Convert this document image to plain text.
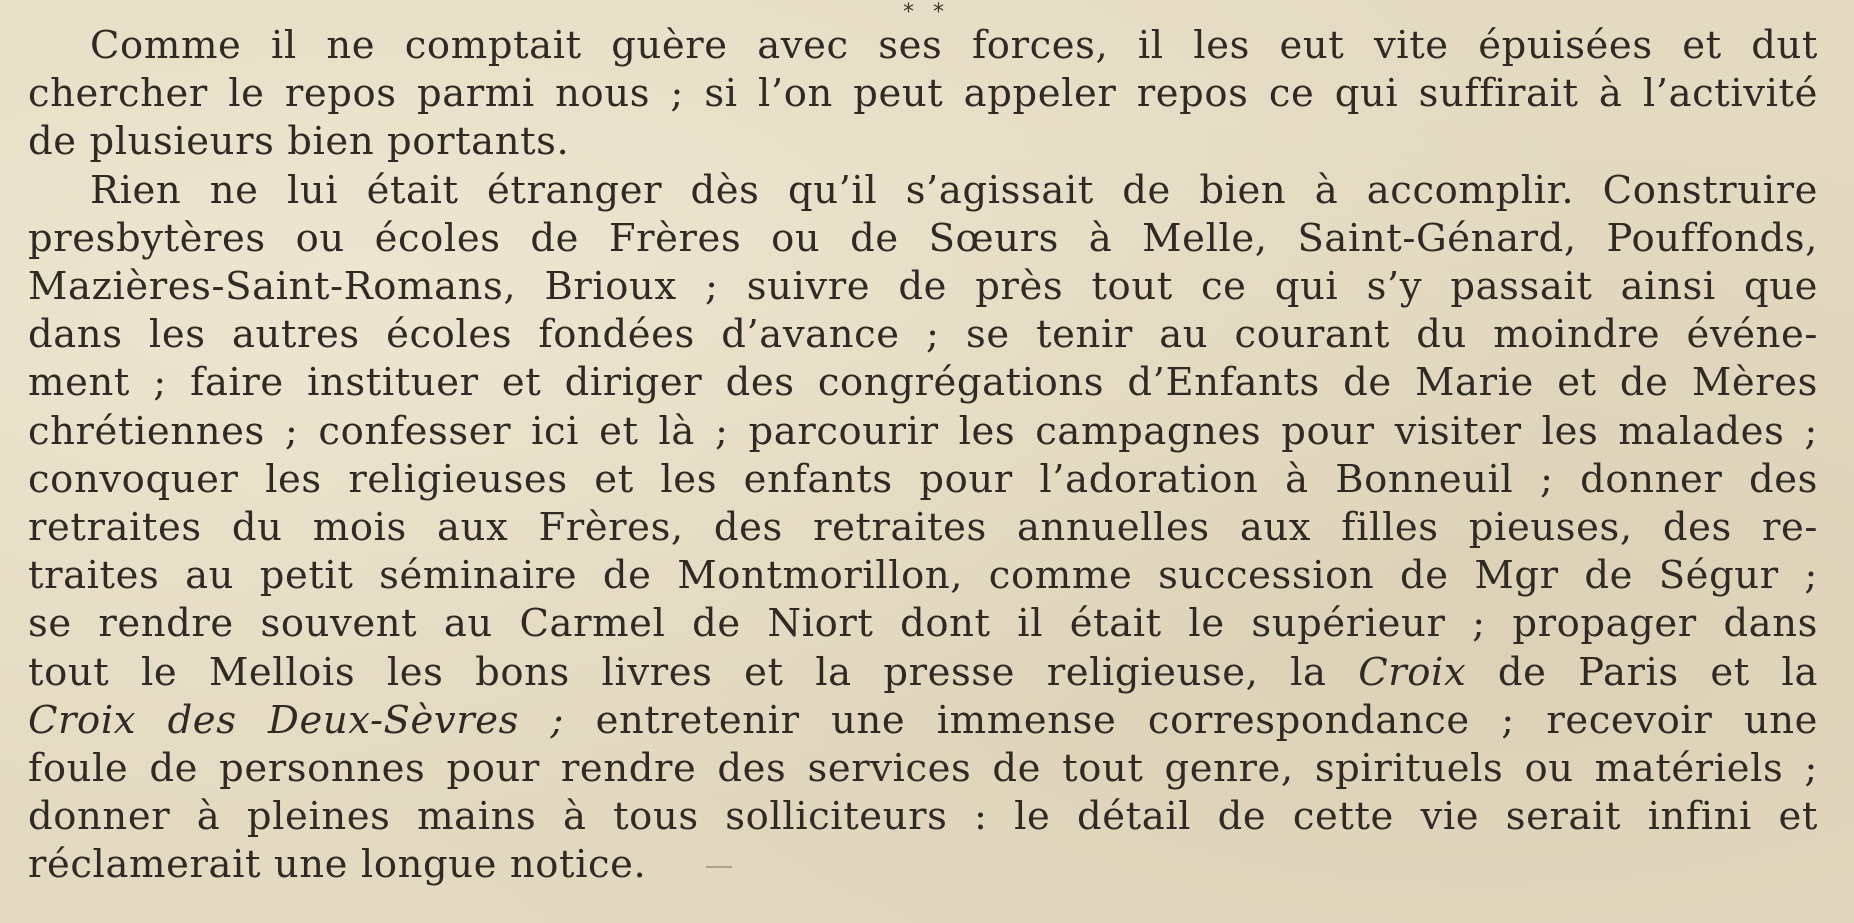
* *
Comme il ne comptait guère avec ses forces, il les eut vite épuisées et dut
chercher le repos parmi nous ; si l’on peut appeler repos ce qui suffirait à l’activité
de plusieurs bien portants.
Rien ne lui était étranger dès qu’il s’agissait de bien à accomplir. Construire
presbytères ou écoles de Frères ou de Sœurs à Melle, Saint-Génard, Pouffonds,
Mazières-Saint-Romans, Brioux ; suivre de près tout ce qui s’y passait ainsi que
dans les autres écoles fondées d’avance ; se tenir au courant du moindre événe-
ment ; faire instituer et diriger des congrégations d’Enfants de Marie et de Mères
chrétiennes ; confesser ici et là ; parcourir les campagnes pour visiter les malades ;
convoquer les religieuses et les enfants pour l’adoration à Bonneuil ; donner des
retraites du mois aux Frères, des retraites annuelles aux filles pieuses, des re-
traites au petit séminaire de Montmorillon, comme succession de Mgr de Ségur ;
se rendre souvent au Carmel de Niort dont il était le supérieur ; propager dans
tout le Mellois les bons livres et la presse religieuse, la Croix de Paris et la
Croix des Deux-Sèvres ; entretenir une immense correspondance ; recevoir une
foule de personnes pour rendre des services de tout genre, spirituels ou matériels ;
donner à pleines mains à tous solliciteurs : le détail de cette vie serait infini et
réclamerait une longue notice.
